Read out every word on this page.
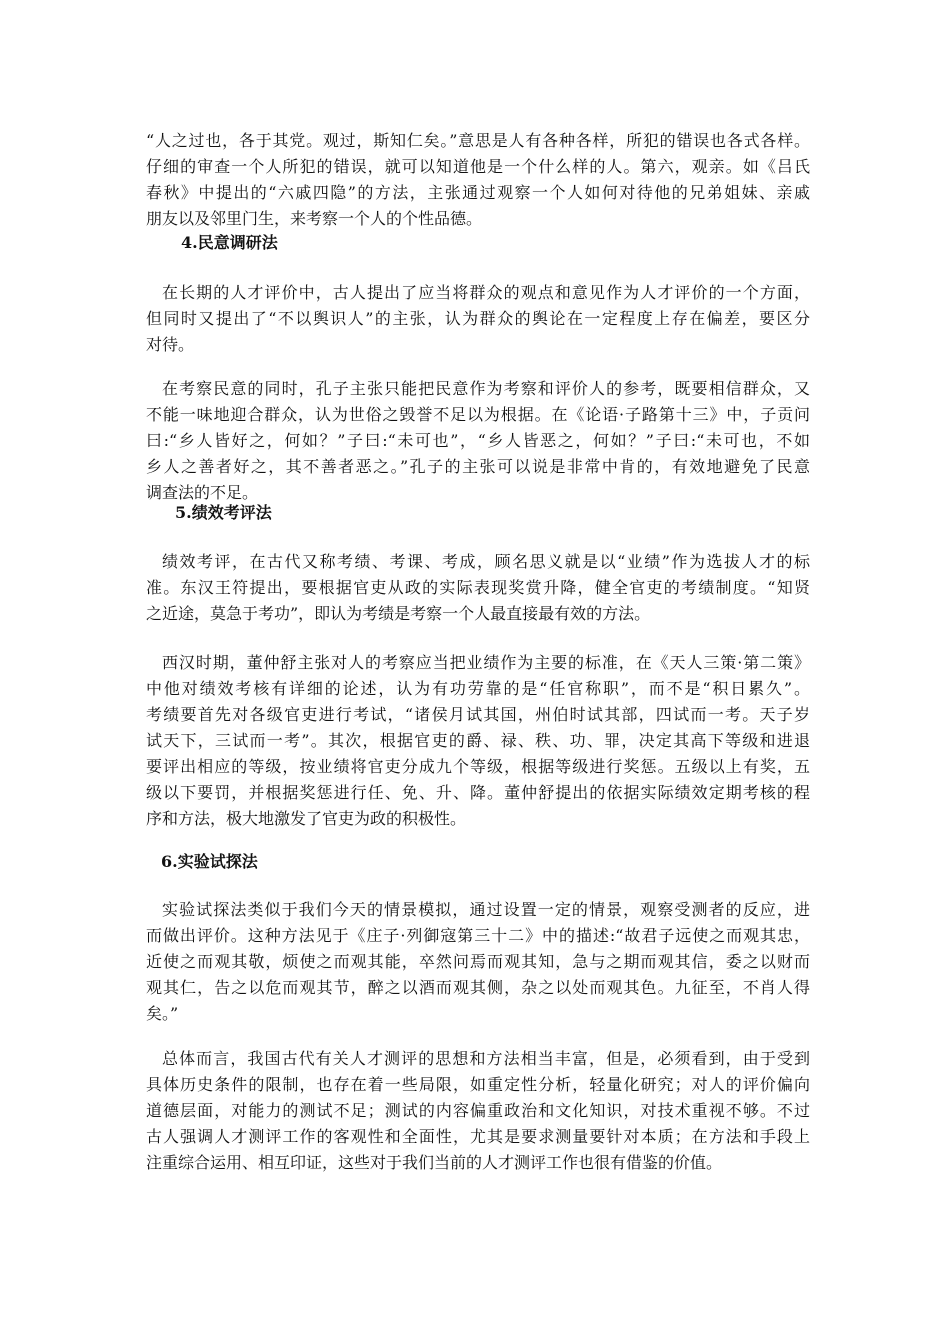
“人之过也，各于其党。观过，斯知仁矣。”意思是人有各种各样，所犯的错误也各式各样。
仔细的审查一个人所犯的错误，就可以知道他是一个什么样的人。第六，观亲。如《吕氏
春秋》中提出的“六戚四隐”的方法，主张通过观察一个人如何对待他的兄弟姐妹、亲戚
朋友以及邻里门生，来考察一个人的个性品德。
4.民意调研法
在长期的人才评价中，古人提出了应当将群众的观点和意见作为人才评价的一个方面，
但同时又提出了“不以舆识人”的主张，认为群众的舆论在一定程度上存在偏差，要区分
对待。
在考察民意的同时，孔子主张只能把民意作为考察和评价人的参考，既要相信群众，又
不能一味地迎合群众，认为世俗之毁誉不足以为根据。在《论语·子路第十三》中，子贡问
曰:“乡人皆好之，何如？”子曰:“未可也”，“乡人皆恶之，何如？”子曰:“未可也，不如
乡人之善者好之，其不善者恶之。”孔子的主张可以说是非常中肯的，有效地避免了民意
调查法的不足。
5.绩效考评法
绩效考评，在古代又称考绩、考课、考成，顾名思义就是以“业绩”作为选拔人才的标
准。东汉王符提出，要根据官吏从政的实际表现奖赏升降，健全官吏的考绩制度。“知贤
之近途，莫急于考功”，即认为考绩是考察一个人最直接最有效的方法。
西汉时期，董仲舒主张对人的考察应当把业绩作为主要的标准，在《天人三策·第二策》
中他对绩效考核有详细的论述，认为有功劳靠的是“任官称职”，而不是“积日累久”。
考绩要首先对各级官吏进行考试，“诸侯月试其国，州伯时试其部，四试而一考。天子岁
试天下，三试而一考”。其次，根据官吏的爵、禄、秩、功、罪，决定其高下等级和进退
要评出相应的等级，按业绩将官吏分成九个等级，根据等级进行奖惩。五级以上有奖，五
级以下要罚，并根据奖惩进行任、免、升、降。董仲舒提出的依据实际绩效定期考核的程
序和方法，极大地激发了官吏为政的积极性。
6.实验试探法
实验试探法类似于我们今天的情景模拟，通过设置一定的情景，观察受测者的反应，进
而做出评价。这种方法见于《庄子·列御寇第三十二》中的描述:“故君子远使之而观其忠，
近使之而观其敬，烦使之而观其能，卒然问焉而观其知，急与之期而观其信，委之以财而
观其仁，告之以危而观其节，醉之以酒而观其侧，杂之以处而观其色。九征至，不肖人得
矣。”
总体而言，我国古代有关人才测评的思想和方法相当丰富，但是，必须看到，由于受到
具体历史条件的限制，也存在着一些局限，如重定性分析，轻量化研究；对人的评价偏向
道德层面，对能力的测试不足；测试的内容偏重政治和文化知识，对技术重视不够。不过
古人强调人才测评工作的客观性和全面性，尤其是要求测量要针对本质；在方法和手段上
注重综合运用、相互印证，这些对于我们当前的人才测评工作也很有借鉴的价值。
